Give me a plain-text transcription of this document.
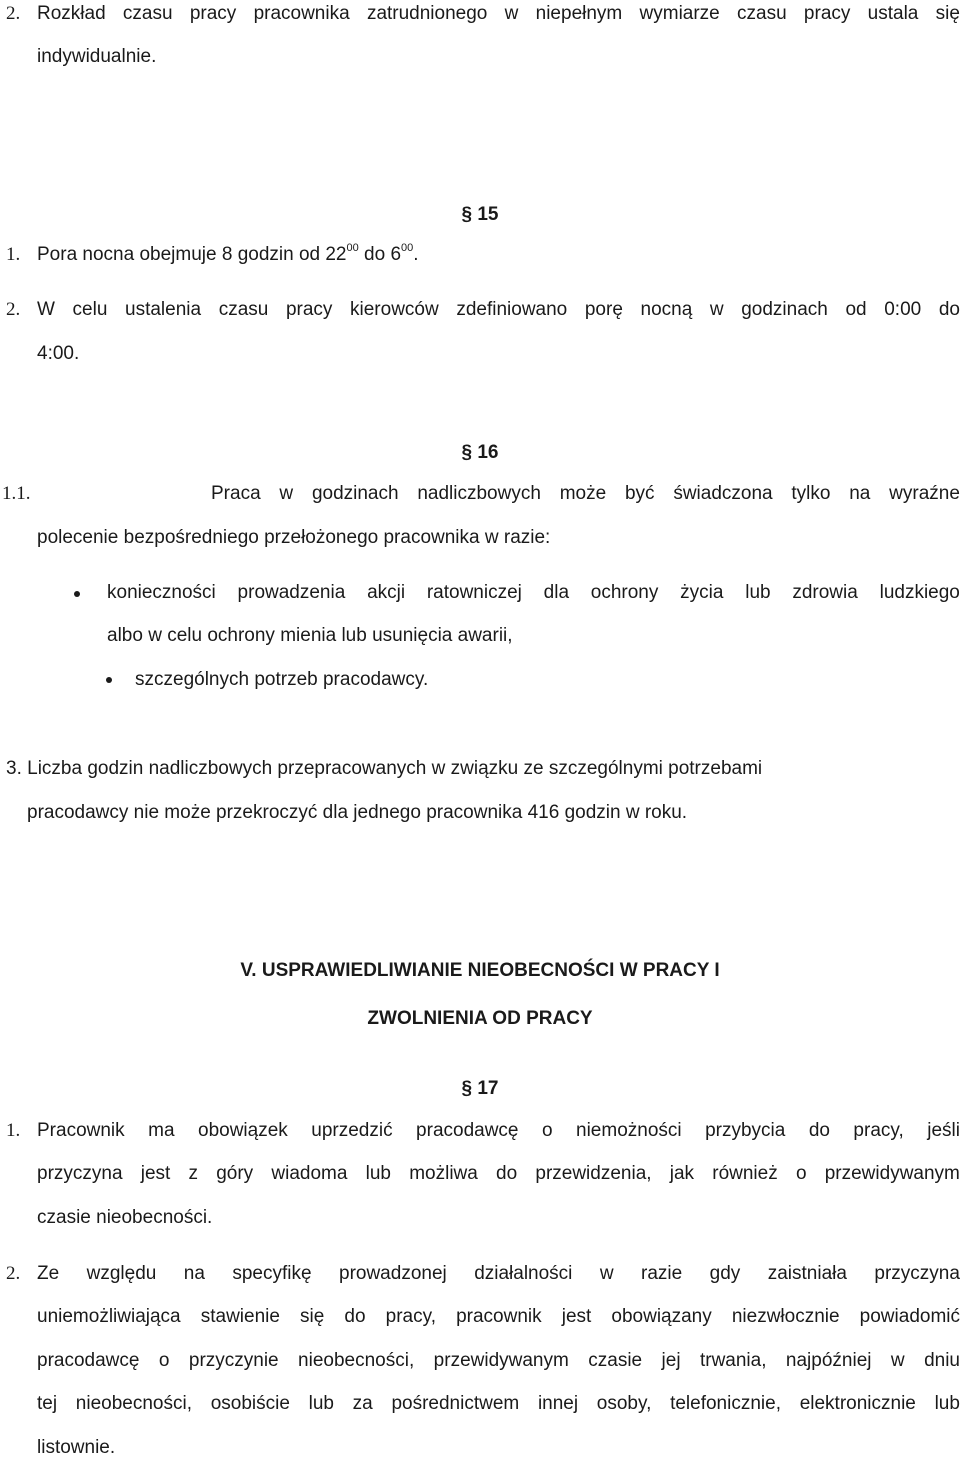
2. Rozkład czasu pracy pracownika zatrudnionego w niepełnym wymiarze czasu pracy ustala się
indywidualnie.
§ 15
1. Pora nocna obejmuje 8 godzin od $22^{00}$ do $6^{00}$.
2. W celu ustalenia czasu pracy kierowców zdefiniowano porę nocną w godzinach od 0:00 do
4:00.
§ 16
1.1.	Praca w godzinach nadliczbowych może być świadczona tylko na wyraźne
polecenie bezpośredniego przełożonego pracownika w razie:
konieczności prowadzenia akcji ratowniczej dla ochrony życia lub zdrowia ludzkiego
albo w celu ochrony mienia lub usunięcia awarii,
szczególnych potrzeb pracodawcy.
3. Liczba godzin nadliczbowych przepracowanych w związku ze szczególnymi potrzebami
pracodawcy nie może przekroczyć dla jednego pracownika 416 godzin w roku.
V. USPRAWIEDLIWIANIE NIEOBECNOŚCI W PRACY I
ZWOLNIENIA OD PRACY
§ 17
1. Pracownik ma obowiązek uprzedzić pracodawcę o niemożności przybycia do pracy, jeśli
przyczyna jest z góry wiadoma lub możliwa do przewidzenia, jak również o przewidywanym
czasie nieobecności.
2. Ze względu na specyfikę prowadzonej działalności w razie gdy zaistniała przyczyna
uniemożliwiająca stawienie się do pracy, pracownik jest obowiązany niezwłocznie powiadomić
pracodawcę o przyczynie nieobecności, przewidywanym czasie jej trwania, najpóźniej w dniu
tej nieobecności, osobiście lub za pośrednictwem innej osoby, telefonicznie, elektronicznie lub
listownie.
